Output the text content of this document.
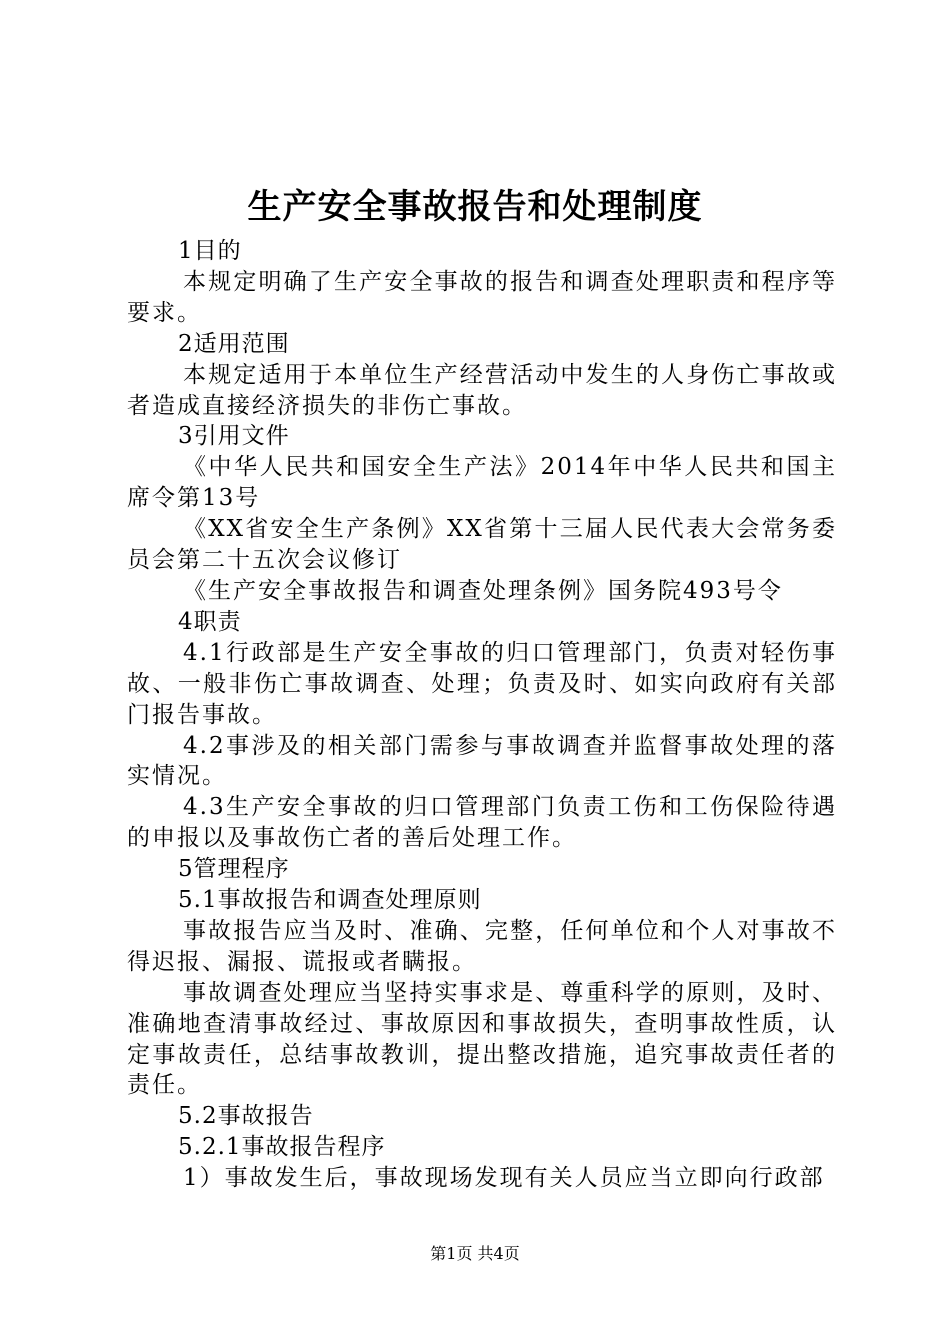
生产安全事故报告和处理制度

1目的

本规定明确了生产安全事故的报告和调查处理职责和程序等要求。

2适用范围

本规定适用于本单位生产经营活动中发生的人身伤亡事故或者造成直接经济损失的非伤亡事故。

3引用文件

《中华人民共和国安全生产法》2014年中华人民共和国主席令第13号

《XX省安全生产条例》XX省第十三届人民代表大会常务委员会第二十五次会议修订

《生产安全事故报告和调查处理条例》国务院493号令

4职责

4.1行政部是生产安全事故的归口管理部门，负责对轻伤事故、一般非伤亡事故调查、处理；负责及时、如实向政府有关部门报告事故。

4.2事涉及的相关部门需参与事故调查并监督事故处理的落实情况。

4.3生产安全事故的归口管理部门负责工伤和工伤保险待遇的申报以及事故伤亡者的善后处理工作。

5管理程序

5.1事故报告和调查处理原则

事故报告应当及时、准确、完整，任何单位和个人对事故不得迟报、漏报、谎报或者瞒报。

事故调查处理应当坚持实事求是、尊重科学的原则，及时、准确地查清事故经过、事故原因和事故损失，查明事故性质，认定事故责任，总结事故教训，提出整改措施，追究事故责任者的责任。

5.2事故报告

5.2.1事故报告程序

1）事故发生后，事故现场发现有关人员应当立即向行政部

第1页 共4页
